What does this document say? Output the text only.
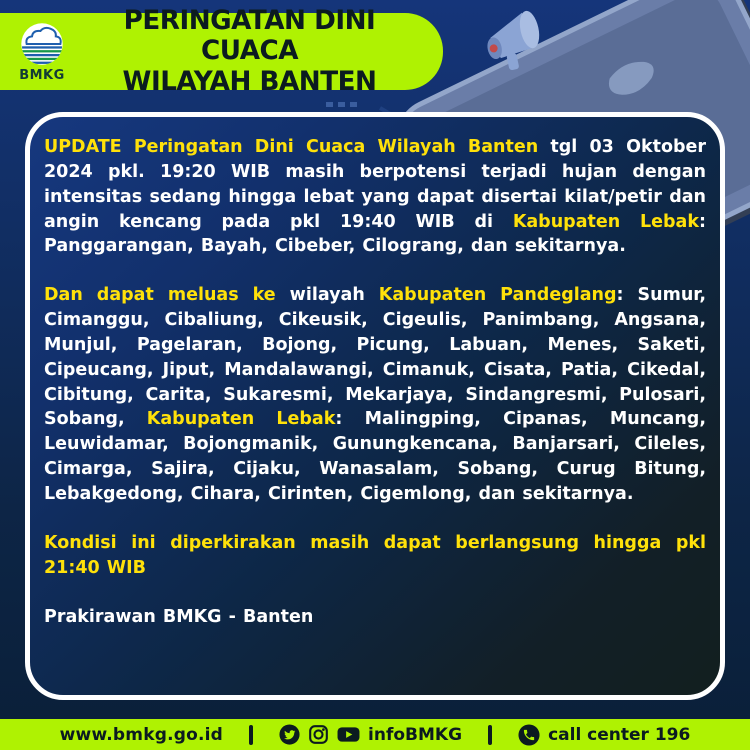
BMKG
PERINGATAN DINI CUACA
WILAYAH BANTEN

UPDATE Peringatan Dini Cuaca Wilayah Banten tgl 03 Oktober 2024 pkl. 19:20 WIB masih berpotensi terjadi hujan dengan intensitas sedang hingga lebat yang dapat disertai kilat/petir dan angin kencang pada pkl 19:40 WIB di Kabupaten Lebak: Panggarangan, Bayah, Cibeber, Cilograng, dan sekitarnya.

Dan dapat meluas ke wilayah Kabupaten Pandeglang: Sumur, Cimanggu, Cibaliung, Cikeusik, Cigeulis, Panimbang, Angsana, Munjul, Pagelaran, Bojong, Picung, Labuan, Menes, Saketi, Cipeucang, Jiput, Mandalawangi, Cimanuk, Cisata, Patia, Cikedal, Cibitung, Carita, Sukaresmi, Mekarjaya, Sindangresmi, Pulosari, Sobang, Kabupaten Lebak: Malingping, Cipanas, Muncang, Leuwidamar, Bojongmanik, Gunungkencana, Banjarsari, Cileles, Cimarga, Sajira, Cijaku, Wanasalam, Sobang, Curug Bitung, Lebakgedong, Cihara, Cirinten, Cigemlong, dan sekitarnya.

Kondisi ini diperkirakan masih dapat berlangsung hingga pkl 21:40 WIB

Prakirawan BMKG - Banten

www.bmkg.go.id	infoBMKG	call center 196
